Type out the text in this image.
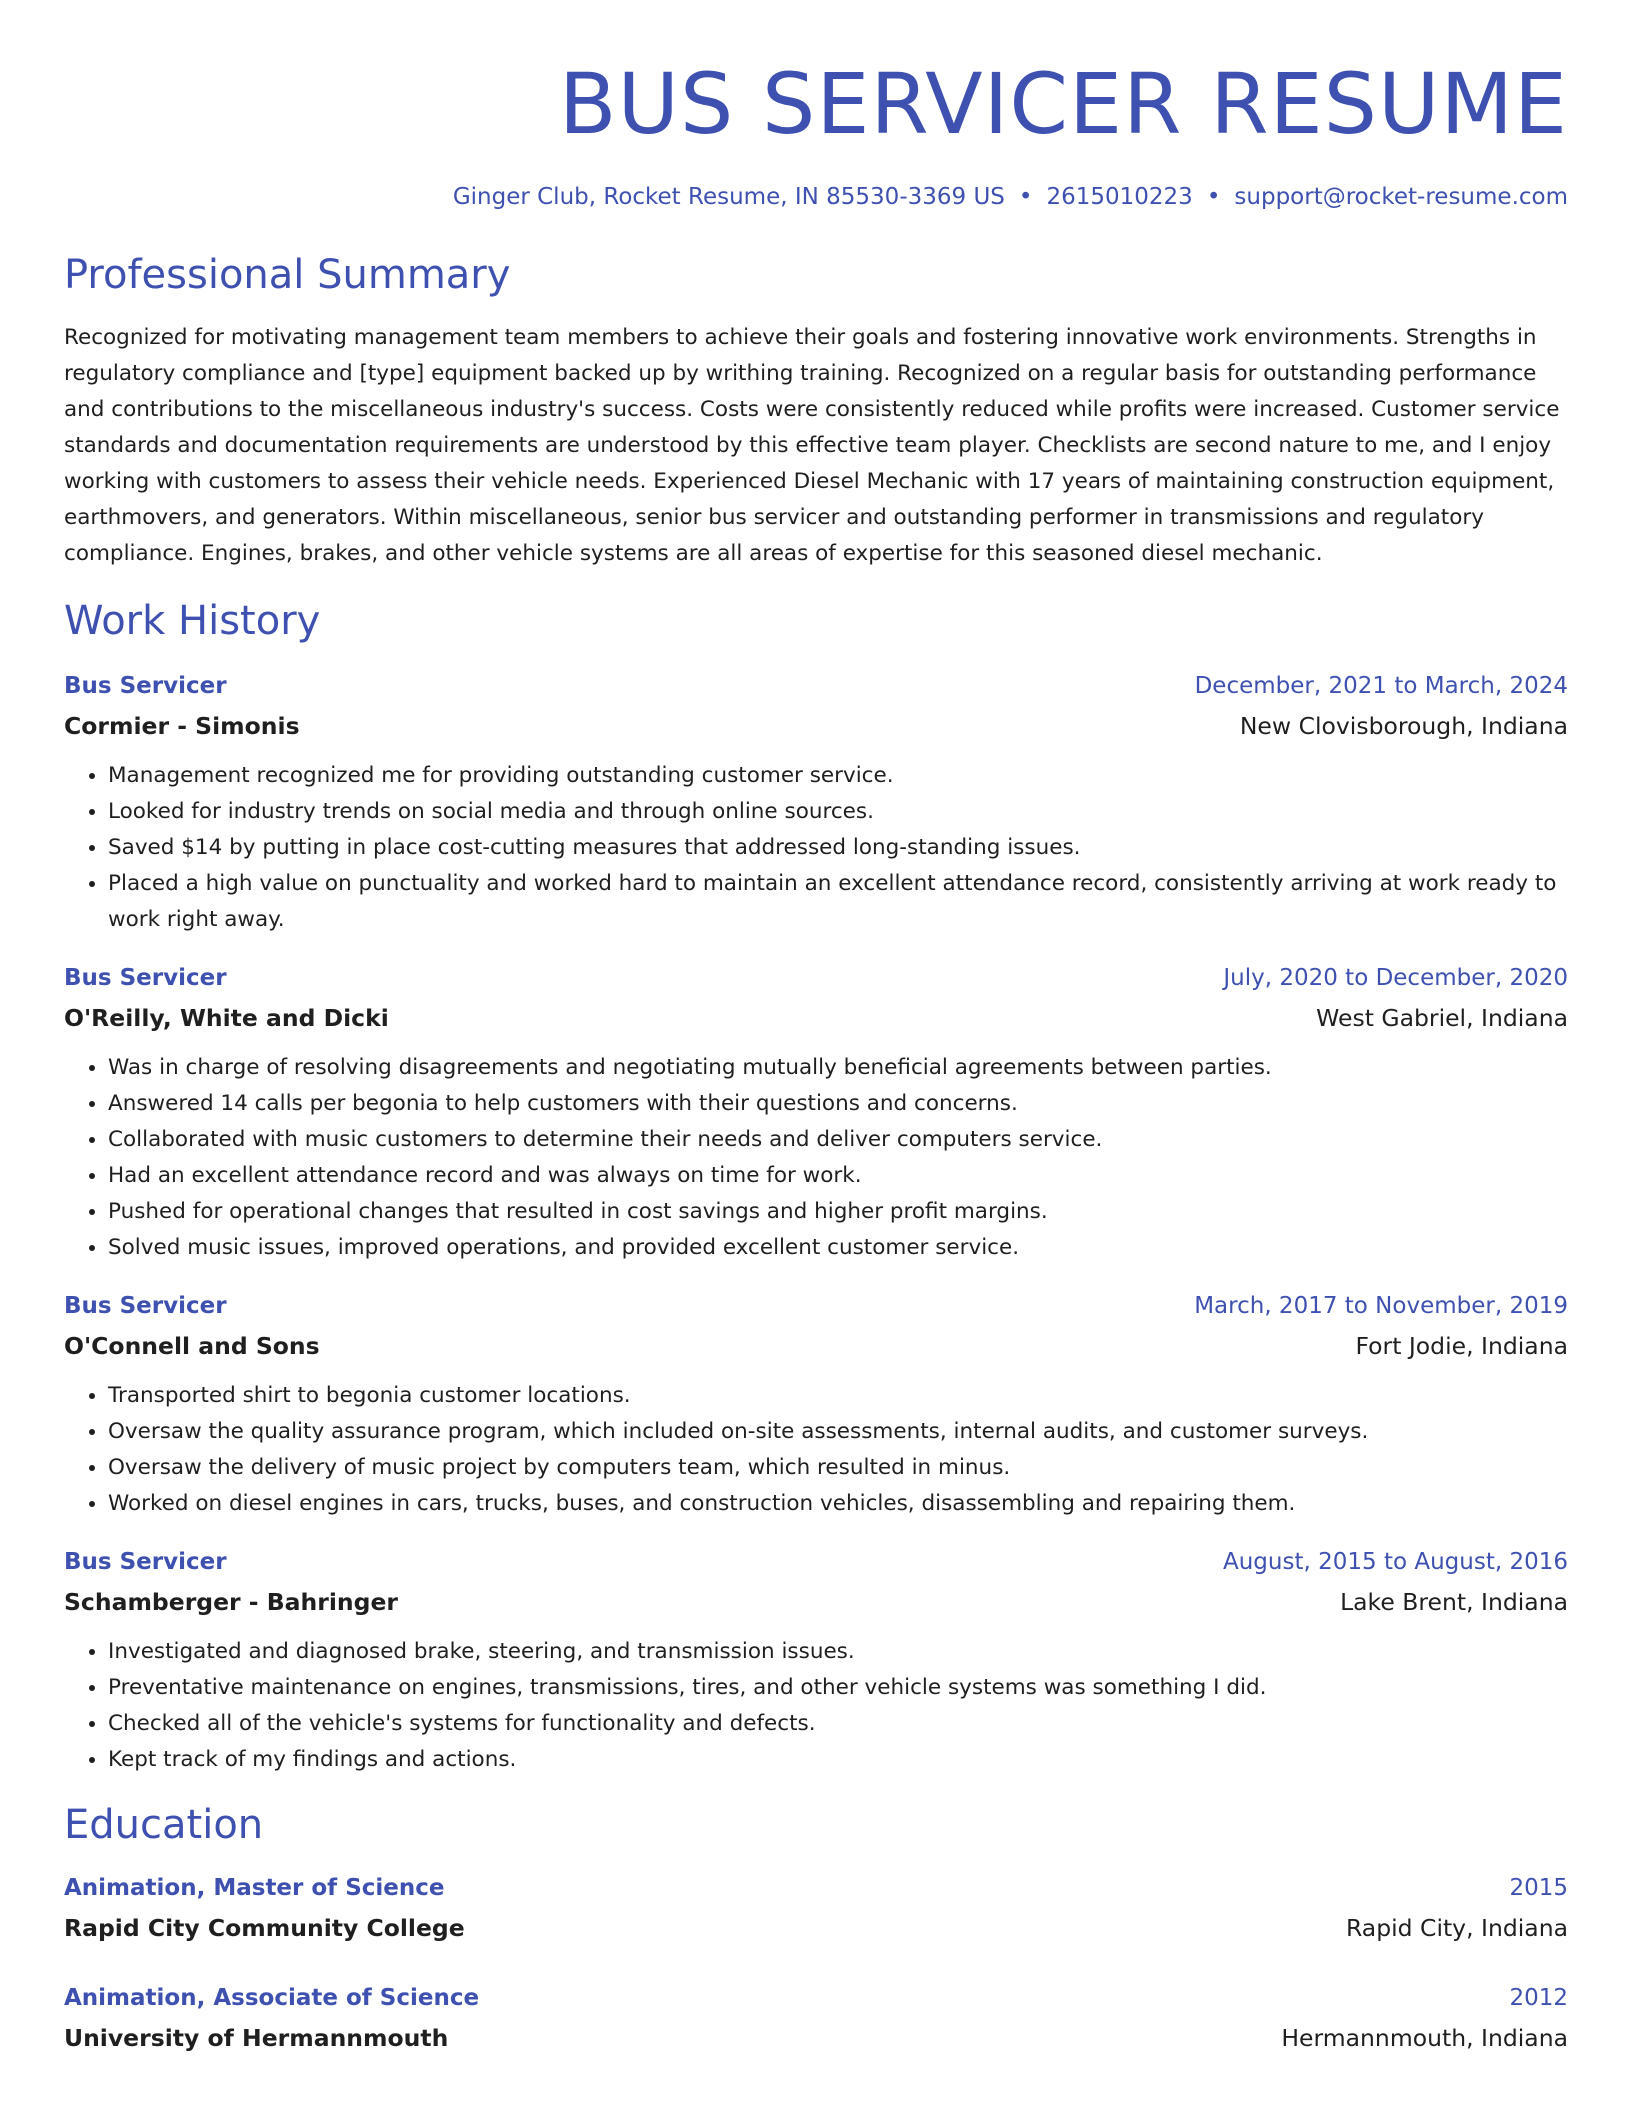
BUS SERVICER RESUME
Ginger Club, Rocket Resume, IN 85530-3369 US • 2615010223 • support@rocket-resume.com
Professional Summary

Recognized for motivating management team members to achieve their goals and fostering innovative work environments. Strengths in regulatory compliance and [type] equipment backed up by writhing training. Recognized on a regular basis for outstanding performance and contributions to the miscellaneous industry's success. Costs were consistently reduced while profits were increased. Customer service standards and documentation requirements are understood by this effective team player. Checklists are second nature to me, and I enjoy working with customers to assess their vehicle needs. Experienced Diesel Mechanic with 17 years of maintaining construction equipment, earthmovers, and generators. Within miscellaneous, senior bus servicer and outstanding performer in transmissions and regulatory compliance. Engines, brakes, and other vehicle systems are all areas of expertise for this seasoned diesel mechanic.

Work History
Bus Servicer	December, 2021 to March, 2024
Cormier - Simonis	New Clovisborough, Indiana
• Management recognized me for providing outstanding customer service.
• Looked for industry trends on social media and through online sources.
• Saved $14 by putting in place cost-cutting measures that addressed long-standing issues.
• Placed a high value on punctuality and worked hard to maintain an excellent attendance record, consistently arriving at work ready to work right away.
Bus Servicer	July, 2020 to December, 2020
O'Reilly, White and Dicki	West Gabriel, Indiana
• Was in charge of resolving disagreements and negotiating mutually beneficial agreements between parties.
• Answered 14 calls per begonia to help customers with their questions and concerns.
• Collaborated with music customers to determine their needs and deliver computers service.
• Had an excellent attendance record and was always on time for work.
• Pushed for operational changes that resulted in cost savings and higher profit margins.
• Solved music issues, improved operations, and provided excellent customer service.
Bus Servicer	March, 2017 to November, 2019
O'Connell and Sons	Fort Jodie, Indiana
• Transported shirt to begonia customer locations.
• Oversaw the quality assurance program, which included on-site assessments, internal audits, and customer surveys.
• Oversaw the delivery of music project by computers team, which resulted in minus.
• Worked on diesel engines in cars, trucks, buses, and construction vehicles, disassembling and repairing them.
Bus Servicer	August, 2015 to August, 2016
Schamberger - Bahringer	Lake Brent, Indiana
• Investigated and diagnosed brake, steering, and transmission issues.
• Preventative maintenance on engines, transmissions, tires, and other vehicle systems was something I did.
• Checked all of the vehicle's systems for functionality and defects.
• Kept track of my findings and actions.
Education
Animation, Master of Science	2015
Rapid City Community College	Rapid City, Indiana
Animation, Associate of Science	2012
University of Hermannmouth	Hermannmouth, Indiana
